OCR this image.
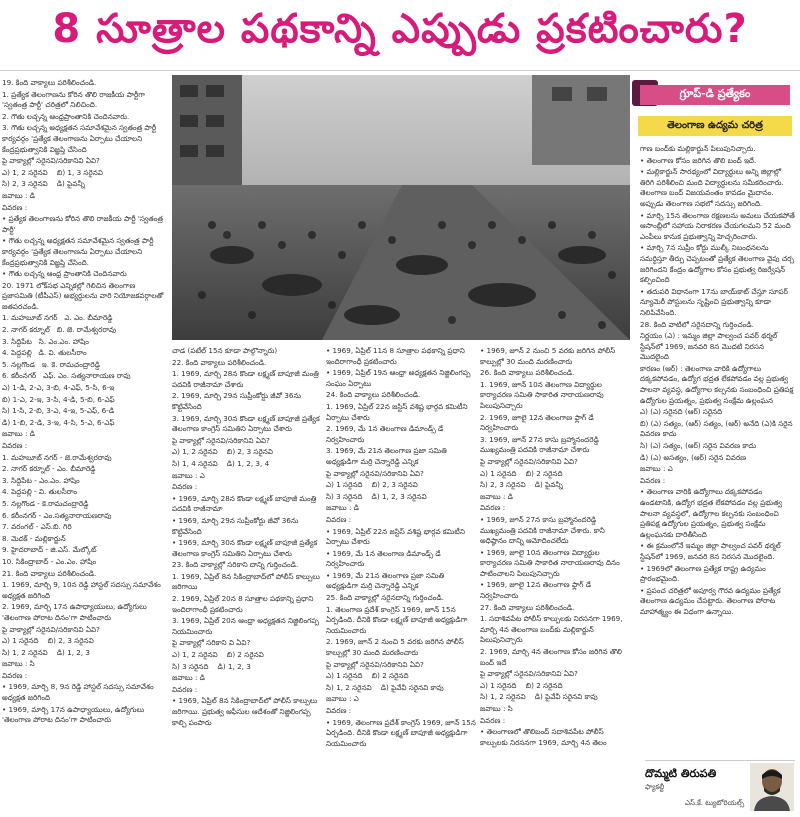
8 సూత్రాల పథకాన్ని ఎప్పుడు ప్రకటించారు?

19. కింది వాక్యాలు పరిశీలించండి.

1. ప్రత్యేక తెలంగాణను కోరిన తొలి రాజకీయ పార్టీగా 'స్వతంత్ర పార్టీ' చరిత్రలో నిలిచింది.

2. గౌతు లచ్చన్న ఆంధ్రప్రాంతానికి చెందినవారు.

3. గౌతు లచ్చన్న అధ్యక్షతన సమావేశమైన స్వతంత్ర పార్టీ కార్యవర్గం 'ప్రత్యేక తెలంగాణను ఏర్పాటు చేయాలని కేంద్రప్రభుత్వానికి విజ్ఞప్తి చేసింది

పై వాక్యాల్లో సరైనవి/సరికానివి ఏవి?

ఎ) 1, 2 సరైనవి    బి) 1, 3 సరైనవి

సి) 2, 3 సరైనవి    డి) పైవన్నీ

జవాబు : డి

వివరణ :

• ప్రత్యేక తెలంగాణను కోరిన తొలి రాజకీయ పార్టీ 'స్వతంత్ర పార్టీ'

• గౌతు లచ్చన్న అధ్యక్షతన సమావేశమైన స్వతంత్ర పార్టీ కార్యవర్గం 'ప్రత్యేక తెలంగాణను ఏర్పాటు చేయాలని కేంద్రప్రభుత్వానికి విజ్ఞప్తి చేసింది.

• గౌతు లచ్చన్న ఆంధ్ర ప్రాంతానికి చెందినవారు

20. 1971 లోక్‌సభ ఎన్నికల్లో గెలిచిన తెలంగాణ ప్రజాసమితి (టీపీఎస్) అభ్యర్థులను వారి నియోజకవర్గాలతో జతపరచండి.

1. మహబూబ్ నగర్   ఎ. ఎం. బీమారెడ్డి

2. నాగర్ కర్నూల్   బి. జె. రామేశ్వరరావు

3. సిద్దిపేట   సి. ఎం.ఎం. హాషిం

4. పెద్దపల్లి   డి. వి. తులసీరాం

5. నల్లగొండ   ఇ. కె. రామచంద్రారెడ్డి

6. కరీంనగర్   ఎఫ్. ఎం. సత్యనారాయణ రావు

ఎ) 1-డి, 2-ఎ, 3-బి, 4-ఎఫ్, 5-సి, 6-ఇ

బి) 1-ఎ, 2-ఇ, 3-సి, 4-డి, 5-బి, 6-ఎఫ్

సి) 1-సి, 2-బి, 3-ఎ, 4-ఇ, 5-ఎఫ్, 6-డి

డి) 1-బి, 2-డి, 3-ఇ, 4-సి, 5-ఎ, 6-ఎఫ్

జవాబు : డి

వివరణ :

1. మహబూబ్ నగర్ - జె.రామేశ్వరరావు

2. నాగర్ కర్నూల్ - ఎం. బీమారెడ్డి

3. సిద్దిపేట - ఎం.ఎం. హాషిం

4. పెద్దపల్లి - వి. తులసీరాం

5. నల్లగొండ - కె.రామచంద్రారెడ్డి

6. కరీంనగర్ - ఎం.సత్యనారాయణరావు

7. వరంగల్ - ఎస్.బి. గిరి

8. మెదక్ - మల్లికార్జున్

9. హైదరాబాద్ - జి.ఎస్. మేల్కోట్

10. సికింద్రాబాద్ - ఎం.ఎం. హాషిం

21. కింది వాక్యాలు పరిశీలించండి.

1. 1969, మార్చి 9, 10న రెడ్డి హాస్టల్ సదస్సు సమావేశం అధ్యక్షత జరిగింది

2. 1969, మార్చి 17న ఉపాధ్యాయులు, ఉద్యోగులు 'తెలంగాణ పోరాట దినం'గా పాటించారు

పై వాక్యాల్లో సరైనవి/సరికానివి ఏవి?

ఎ) 1 సరైనది    బి) 2, 3 సరైనవి

సి) 1, 2 సరైనవి    డి) 1, 2, 3

జవాబు : సి

వివరణ :

• 1969, మార్చి 8, 9న రెడ్డి హాస్టల్ సదస్సు సమావేశం అధ్యక్షత జరిగింది

• 1969, మార్చి 17న ఉపాధ్యాయులు, ఉద్యోగులు 'తెలంగాణ పోరాట దినం'గా పాటించారు

గ్రూప్-డి ప్రత్యేకం
తెలంగాణ ఉద్యమ చరిత్ర

చాడ (పటేల్ 15న కూడా పాల్గొన్నారు)

22. కింది వాక్యాలు పరిశీలించండి.

1. 1969, మార్చి 28న కొండా లక్ష్మణ్ బాపూజీ మంత్రి పదవికి రాజీనామా చేశారు

2. 1969, మార్చి 29న సుప్రీంకోర్టు జీవో 36ను కొట్టివేసింది

3. 1969, మార్చి 30న కొండా లక్ష్మణ్ బాపూజీ ప్రత్యేక తెలంగాణ కాంగ్రెస్ సమితిని ఏర్పాటు చేశారు

పై వాక్యాల్లో సరైనవి/సరికానివి ఏవి?

ఎ) 1, 2 సరైనవి    బి) 2, 3 సరైనవి

సి) 1, 4 సరైనవి    డి) 1, 2, 3, 4

జవాబు : ఎ

వివరణ :

• 1969, మార్చి 28న కొండా లక్ష్మణ్ బాపూజీ మంత్రి పదవికి రాజీనామా

• 1969, మార్చి 29న సుప్రీంకోర్టు జీవో 36ను కొట్టివేసింది

• 1969, మార్చి 30న కొండా లక్ష్మణ్ బాపూజీ ప్రత్యేక తెలంగాణ కాంగ్రెస్ సమితిని ఏర్పాటు చేశారు

23. కింది వాక్యాల్లో సరికాని దాన్ని గుర్తించండి.

1. 1969, ఏప్రిల్ 8న సికింద్రాబాద్‌లో పోలీస్ కాల్పులు జరిగాయి

2. 1969, ఏప్రిల్ 20న 8 సూత్రాల పథకాన్ని ప్రధాని ఇందిరాగాంధీ ప్రకటించారు

3. 1969, ఏప్రిల్ 20న ఆంధ్రా అధ్యక్షతన నిజ్జిలింగప్ప నియమించారు

పై వాక్యాల్లో సరికాని వి ఏవి?

ఎ) 1, 2 సరైనవి    బి) 2 సరైనవి

సి) 3 సరైనది    డి) 1, 2, 3

జవాబు : డి

వివరణ :

• 1969, ఏప్రిల్ 8న సికింద్రాబాద్‌లో పోలీస్ కాల్పులు జరిగాయి. ప్రభుత్వ ఆఫీసుల ఆదేశంతో నిజ్జిలింగప్ప కాల్పి పంపారు

• 1969, ఏప్రిల్ 11న 8 సూత్రాల పథకాన్ని ప్రధాని ఇందిరాగాంధీ ప్రకటించారు

• 1969, ఏప్రిల్ 19న ఆంధ్రా అధ్యక్షతన నిజ్జిలింగప్ప సంఘం ఏర్పాటు

24. కింది వాక్యాలు పరిశీలించండి.

1. 1969, ఏప్రిల్ 22న జస్టిస్ వశిష్ట భార్గవ కమిటీని ఏర్పాటు చేశారు

2. 1969, మే 1న తెలంగాణ డిమాండ్స్ డే నిర్వహించారు

3. 1969, మే 21న తెలంగాణ ప్రజా సమితి అధ్యక్షుడిగా మర్రి చెన్నారెడ్డి ఎన్నిక

పై వాక్యాల్లో సరైనవి/సరికానివి ఏవి?

ఎ) 1 సరైనది    బి) 2, 3 సరైనవి

సి) 3 సరైనది    డి) 1, 2, 3 సరైనవి

జవాబు : డి

వివరణ :

• 1969, ఏప్రిల్ 22న జస్టిస్ వశిష్ట భార్గవ కమిటీని ఏర్పాటు చేశారు

• 1969, మే 1న తెలంగాణ డిమాండ్స్ డే నిర్వహించారు

• 1969, మే 21న తెలంగాణ ప్రజా సమితి అధ్యక్షుడిగా మర్రి చెన్నారెడ్డి ఎన్నిక

25. కింది వాక్యాల్లో సరైనదాన్ని గుర్తించండి.

1. తెలంగాణ ప్రదేశ్ కాంగ్రెస్ 1969, జూన్ 15న ఏర్పడింది. దీనికి కొండా లక్ష్మణ్ బాపూజీ అధ్యక్షుడిగా నియమించారు

2. 1969, జూన్ 2 నుంచి 5 వరకు జరిగిన పోలీస్ కాల్పుల్లో 30 మంది మరణించారు

పై వాక్యాల్లో సరైనవి/సరికానివి ఏవి?

ఎ) 1 సరైనది    బి) 2 సరైనది

సి) 1, 2 సరైనవి    డి) పైవేవీ సరైనవి కావు

జవాబు : ఎ

వివరణ :

• 1969, తెలంగాణ ప్రదేశ్ కాంగ్రెస్ 1969, జూన్ 15న ఏర్పడింది. దీనికి కొండా లక్ష్మణ్ బాపూజీ అధ్యక్షుడిగా నియమించారు

• 1969, జూన్ 2 నుంచి 5 వరకు జరిగిన పోలీస్ కాల్పుల్లో 30 మంది మరణించారు

26. కింది వాక్యాలు పరిశీలించండి.

1. 1969, జూన్ 10న తెలంగాణ విద్యార్థుల కార్యాచరణ సమితి సాకారిత నారాయణరావు పిలుపునిచ్చారు

2. 1969, జూలై 12న తెలంగాణ ఫ్లాగ్ డే నిర్వహించారు

3. 1969, జూన్ 27న కాసు బ్రహ్మానందరెడ్డి ముఖ్యమంత్రి పదవికి రాజీనామా చేశారు

పై వాక్యాల్లో సరైనవి/సరికానివి ఏవి?

ఎ) 1 సరైనది    బి) 2 సరైనది

సి) 2, 3 సరైనవి    డి) పైవన్నీ

జవాబు : డి

వివరణ :

• 1969, జూన్ 27న కాసు బ్రహ్మానందరెడ్డి ముఖ్యమంత్రి పదవికి రాజీనామా చేశారు. కానీ అధిష్ఠానం దాన్ని ఆమోదించలేదు

• 1969, జూలై 10న తెలంగాణ విద్యార్థుల కార్యాచరణ సమితి సాకారిత నారాయణరావు దినం పాటించాలని పిలుపునిచ్చారు

• 1969, జూలై 12న తెలంగాణ ఫ్లాగ్ డే నిర్వహించారు

27. కింది వాక్యాలు పరిశీలించండి.

1. సదాశివపేట పోలీస్ కాల్పులకు నిరసనగా 1969, మార్చి 4న తెలంగాణ బంద్‌కు మల్లికార్జున్ పిలుపునిచ్చారు

2. 1969, మార్చి 4న తెలంగాణ కోసం జరిగిన తొలి బంద్ ఇదే

పై వాక్యాల్లో సరైనవి/సరికానివి ఏవి?

ఎ) 1 సరైనది    బి) 2 సరైనది

సి) 1, 2 సరైనవి    డి) పైవేవీ సరైనవి కావు

జవాబు : సి

వివరణ :

• తెలంగాణలో తొలిబంద్ సదాశివపేట పోలీస్ కాల్పులకు నిరసనగా 1969, మార్చి 4న తెలం

గాణ బంద్‌కు మల్లికార్జున్ పిలుపునిచ్చారు.

• తెలంగాణ కోసం జరిగిన తొలి బంద్ ఇదే.

• మల్లికార్జున్ సారథ్యంలో విద్యార్థులు అన్ని జిల్లాల్లో తిరిగి పరిశీలించి మంది విద్యార్థులను సమీకరించారు. తెలంగాణ బంద్ విజయవంతం కావడం మైదానం. అప్పుడు తెలంగాణ సభలో సదస్సు జరిగింది.

• మార్చి 15న తెలంగాణ రక్షణలను అమలు చేయకపోతే ఆసాంబ్లీలో సహాయ నిరాకరణ చేయగలమని 52 మంది ఎంపీలు కానుక ప్రభుత్వాన్ని హెచ్చరించారు.

• మార్చి 7న సుప్రీం కోర్టు ముల్కీ నిబంధనలను సమర్థిస్తూ తీర్పు చెప్పటంతో ప్రత్యేక తెలంగాణ వైపు చర్చ జరిగిందని కేంద్రం ఉద్యోగాల కోసం ప్రభుత్వ రిజర్వేషన్ కల్పించింది

• తదుపరి విధానంగా 17ను బాయ్‌కాట్ చేస్తూ సూపర్ న్యూమెరీ పోస్టులను సృష్టించి ప్రభుత్వాన్ని కూడా నిలిపివేసింది.

28. కింది వాటిలో సరైనదాన్ని గుర్తించండి.

నిర్ణయం (ఎ) : ఇమ్మం జిల్లా పాల్వంచ పవర్ థర్మల్ స్టేషన్‌లో 1969, జనవరి 8న మొదటి నిరసన మొదలైంది

కారణం (ఆర్) : తెలంగాణ వారికి ఉద్యోగాలు దక్కకపోవడం, ఉద్యోగ భద్రత లేకపోవడం వల్ల ప్రభుత్వ పాలనా వ్యవస్థ, ఉద్యోగాల కల్పనకు సంబంధించి ప్రతిపక్ష ఉద్యోగుల ప్రయత్నం, ప్రభుత్వ సంక్షేమ ఉల్లంఘన

ఎ) (ఎ) సరైనది (ఆర్) సరైనది

బి) (ఎ) సత్యం, (ఆర్) సత్యం, (ఆర్) అనేది (ఎ)కి సరైన వివరణ కాదు

సి) (ఎ) సత్యం, (ఆర్) సరైన వివరణ కాదు

డి) (ఎ) అసత్యం, (ఆర్) సరైన వివరణ

జవాబు : ఎ

వివరణ :

• తెలంగాణ వారికి ఉద్యోగాలు దక్కకపోవడం ఉండటానికి, ఉద్యోగ భద్రత లేకపోవడం వల్ల ప్రభుత్వ పాలనా వ్యవస్థలో, ఉద్యోగాల కల్పనకు సంబంధించి ప్రతిపక్ష ఉద్యోగుల ప్రయత్నం, ప్రభుత్వ సంక్షేమ ఉల్లంఘనకు దారితీసింది

• ఈ క్రమంలోనే ఇమ్మం జిల్లా పాల్వంచ పవర్ థర్మల్ స్టేషన్‌లో 1969, జనవరి 8న నిరసన మొదలైంది.

• 1969లో తెలంగాణ ప్రత్యేక రాష్ట్ర ఉద్యమం ప్రారంభమైంది.

• ప్రపంచ చరిత్రలో అపూర్వ గౌరవ ఉద్యమం ప్రత్యేక తెలంగాణ ఉద్యమం చేపట్టారు. తెలంగాణ పోరాట మాహాత్మ్యం ఈ విధంగా ఉన్నాయి.

దొమ్మటి తిరుపతి
ఫ్యాకల్టీ
ఎస్.కే. ట్యుటోరియల్స్
